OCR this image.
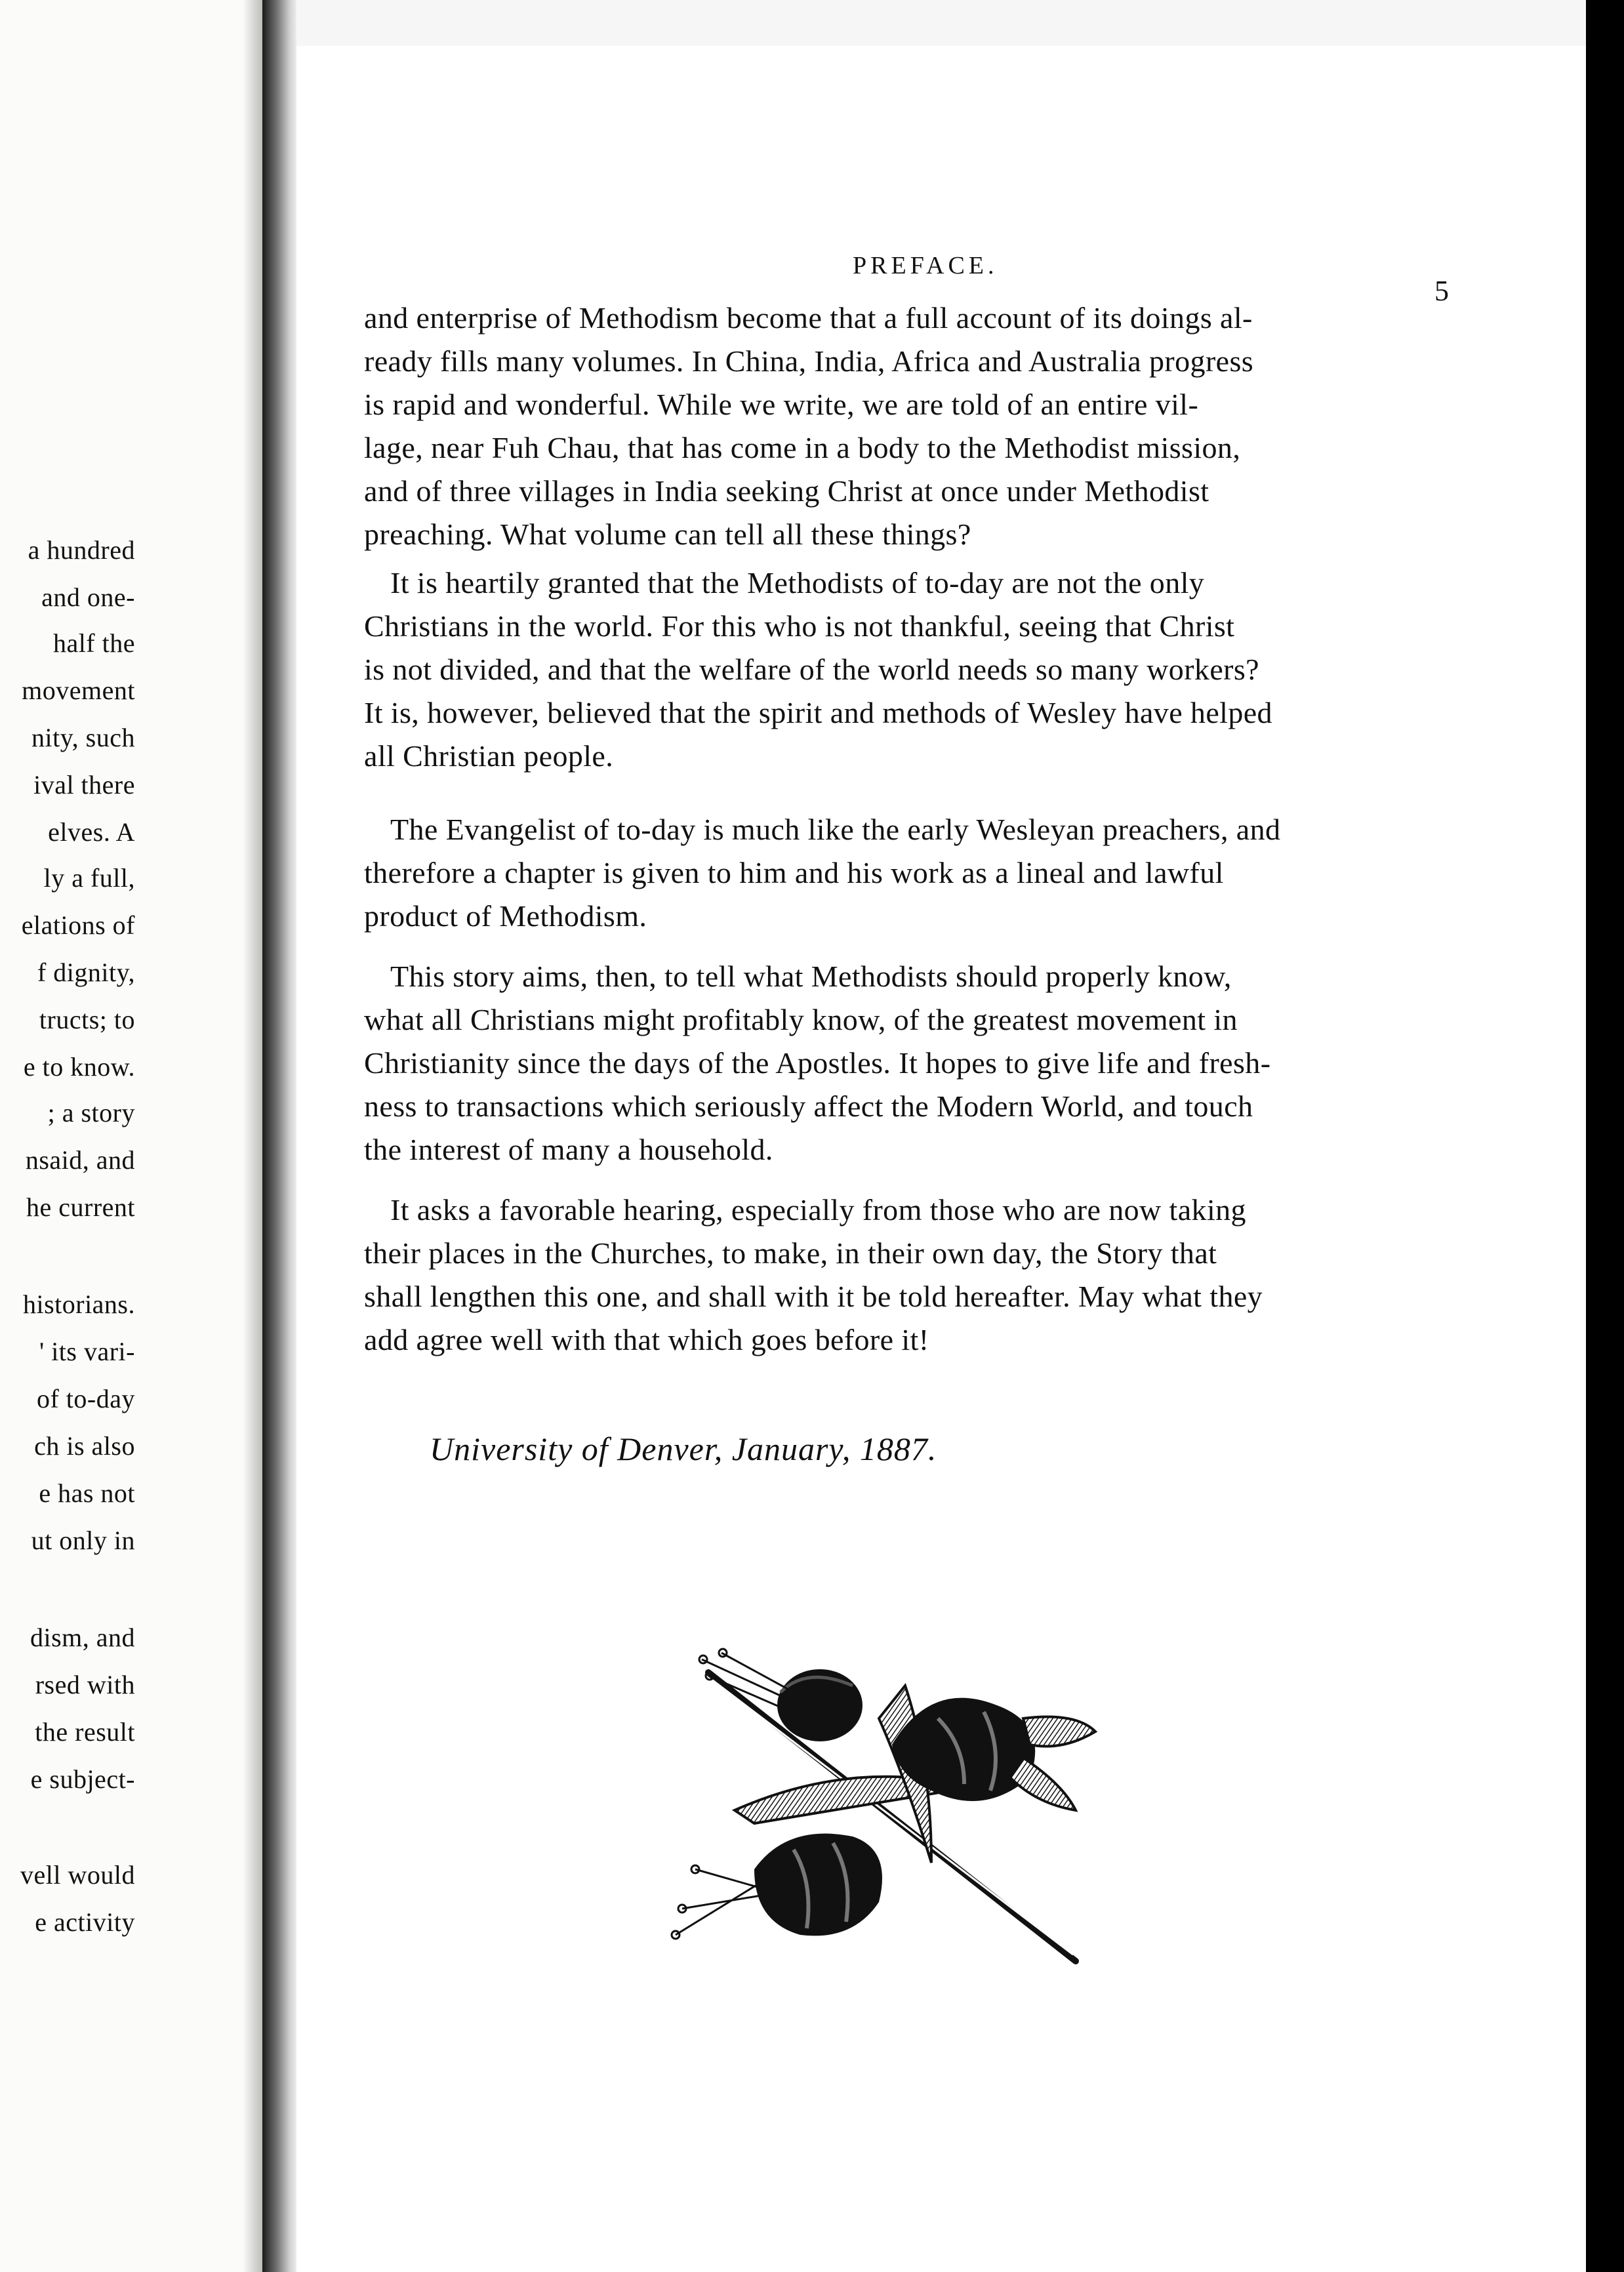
a hundred
and one-
half the
movement
nity, such
ival there
elves. A
ly a full,
elations of
f dignity,
tructs; to
e to know.
; a story
nsaid, and
he current
historians.
' its vari-
of to-day
ch is also
e has not
ut only in
dism, and
rsed with
the result
e subject-
vell would
e activity
PREFACE.
5
and enterprise of Methodism become that a full account of its doings al-
ready fills many volumes. In China, India, Africa and Australia progress
is rapid and wonderful. While we write, we are told of an entire vil-
lage, near Fuh Chau, that has come in a body to the Methodist mission,
and of three villages in India seeking Christ at once under Methodist
preaching. What volume can tell all these things?
It is heartily granted that the Methodists of to-day are not the only
Christians in the world. For this who is not thankful, seeing that Christ
is not divided, and that the welfare of the world needs so many workers?
It is, however, believed that the spirit and methods of Wesley have helped
all Christian people.
The Evangelist of to-day is much like the early Wesleyan preachers, and
therefore a chapter is given to him and his work as a lineal and lawful
product of Methodism.
This story aims, then, to tell what Methodists should properly know,
what all Christians might profitably know, of the greatest movement in
Christianity since the days of the Apostles. It hopes to give life and fresh-
ness to transactions which seriously affect the Modern World, and touch
the interest of many a household.
It asks a favorable hearing, especially from those who are now taking
their places in the Churches, to make, in their own day, the Story that
shall lengthen this one, and shall with it be told hereafter. May what they
add agree well with that which goes before it!
University of Denver, January, 1887.
